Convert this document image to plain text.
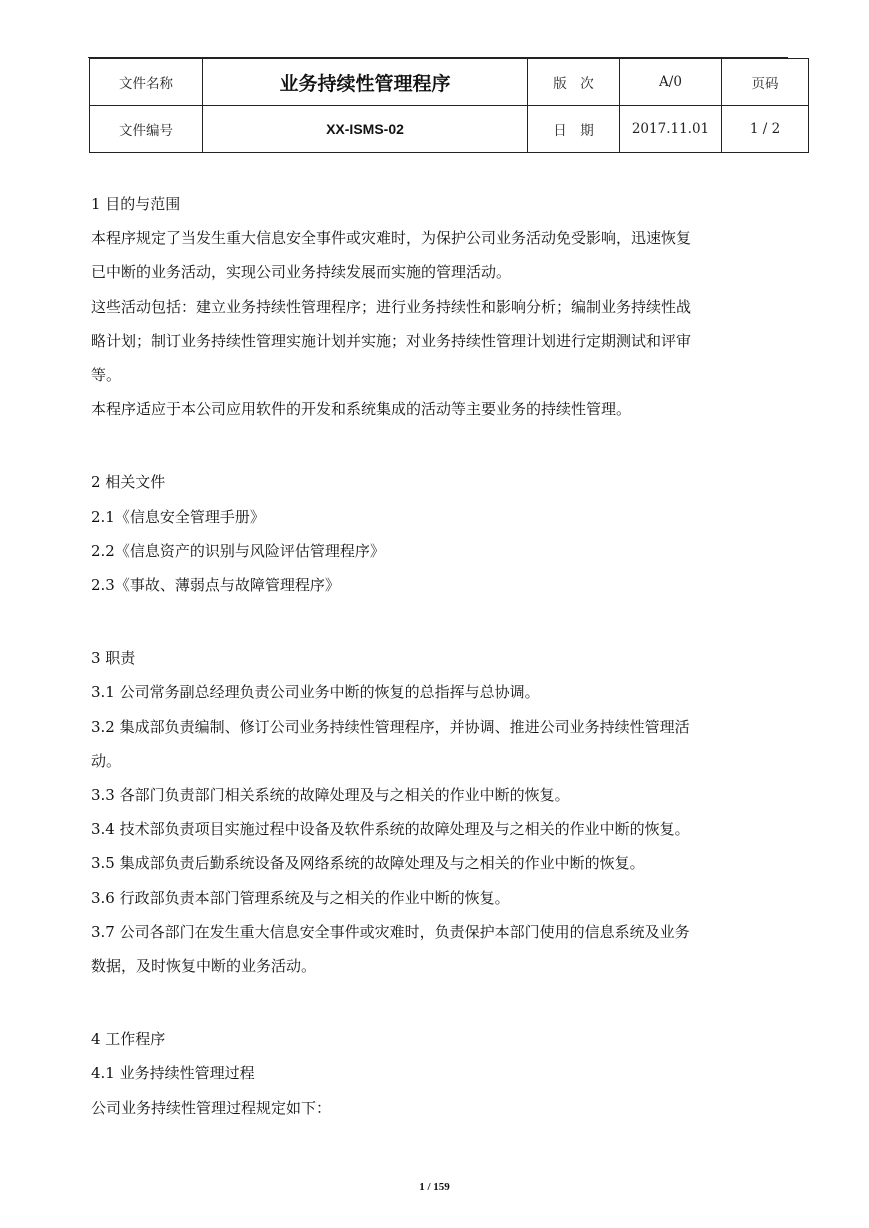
文件名称	业务持续性管理程序	版　次	A/0	页码
文件编号	XX-ISMS-02	日　期	2017.11.01	1 / 2

1 目的与范围

本程序规定了当发生重大信息安全事件或灾难时，为保护公司业务活动免受影响，迅速恢复

已中断的业务活动，实现公司业务持续发展而实施的管理活动。

这些活动包括：建立业务持续性管理程序；进行业务持续性和影响分析；编制业务持续性战

略计划；制订业务持续性管理实施计划并实施；对业务持续性管理计划进行定期测试和评审

等。

本程序适应于本公司应用软件的开发和系统集成的活动等主要业务的持续性管理。

2 相关文件

2.1《信息安全管理手册》

2.2《信息资产的识别与风险评估管理程序》

2.3《事故、薄弱点与故障管理程序》

3 职责

3.1 公司常务副总经理负责公司业务中断的恢复的总指挥与总协调。

3.2 集成部负责编制、修订公司业务持续性管理程序，并协调、推进公司业务持续性管理活

动。

3.3 各部门负责部门相关系统的故障处理及与之相关的作业中断的恢复。

3.4 技术部负责项目实施过程中设备及软件系统的故障处理及与之相关的作业中断的恢复。

3.5 集成部负责后勤系统设备及网络系统的故障处理及与之相关的作业中断的恢复。

3.6 行政部负责本部门管理系统及与之相关的作业中断的恢复。

3.7 公司各部门在发生重大信息安全事件或灾难时，负责保护本部门使用的信息系统及业务

数据，及时恢复中断的业务活动。

4 工作程序

4.1 业务持续性管理过程

公司业务持续性管理过程规定如下：

1 / 159
